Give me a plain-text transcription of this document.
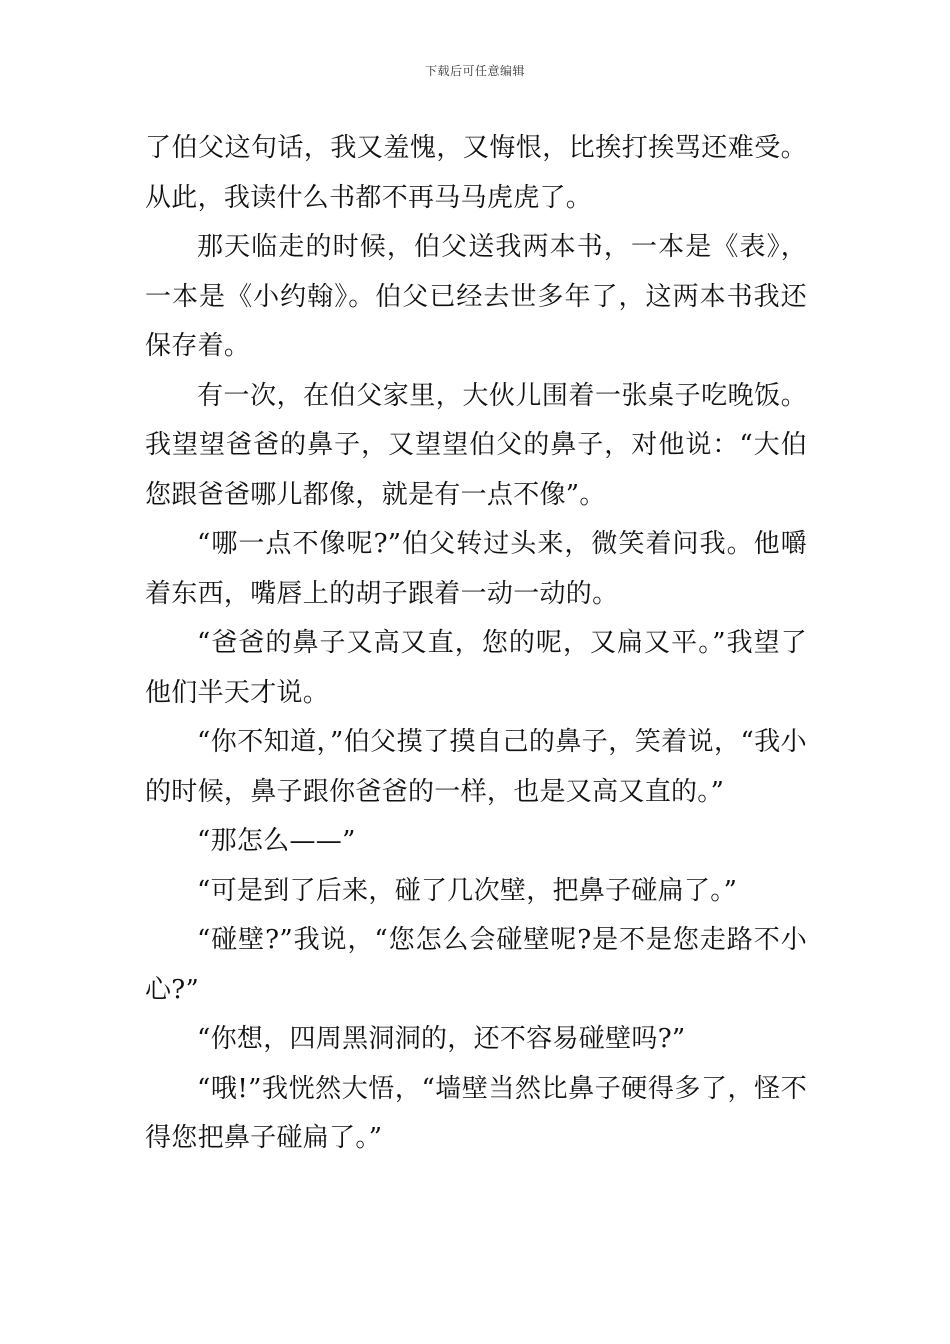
下载后可任意编辑

了伯父这句话，我又羞愧，又悔恨，比挨打挨骂还难受。从此，我读什么书都不再马马虎虎了。

那天临走的时候，伯父送我两本书，一本是《表》，一本是《小约翰》。伯父已经去世多年了，这两本书我还保存着。

有一次，在伯父家里，大伙儿围着一张桌子吃晚饭。我望望爸爸的鼻子，又望望伯父的鼻子，对他说：“大伯您跟爸爸哪儿都像，就是有一点不像”。

“哪一点不像呢?”伯父转过头来，微笑着问我。他嚼着东西，嘴唇上的胡子跟着一动一动的。

“爸爸的鼻子又高又直，您的呢，又扁又平。”我望了他们半天才说。

“你不知道，”伯父摸了摸自己的鼻子，笑着说，“我小的时候，鼻子跟你爸爸的一样，也是又高又直的。”

“那怎么——”

“可是到了后来，碰了几次壁，把鼻子碰扁了。”

“碰壁?”我说，“您怎么会碰壁呢?是不是您走路不小心?”

“你想，四周黑洞洞的，还不容易碰壁吗?”

“哦!”我恍然大悟，“墙壁当然比鼻子硬得多了，怪不得您把鼻子碰扁了。”
